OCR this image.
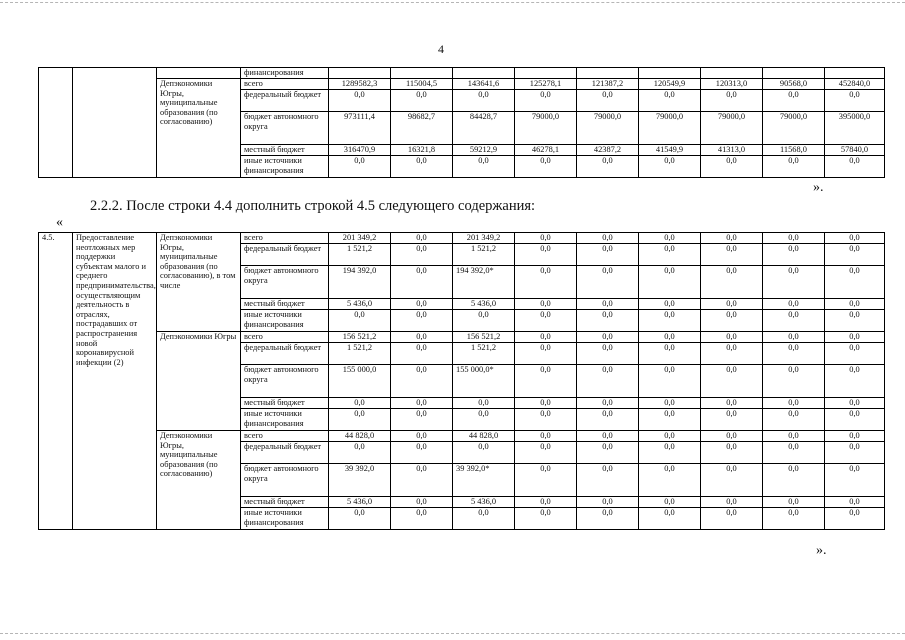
4
			финансирования									
		Депэкономики Югры, муниципальные образования (по согласованию)	всего	1289582,3	115004,5	143641,6	125278,1	121387,2	120549,9	120313,0	90568,0	452840,0
			федеральный бюджет	0,0	0,0	0,0	0,0	0,0	0,0	0,0	0,0	0,0
			бюджет автономного округа	973111,4	98682,7	84428,7	79000,0	79000,0	79000,0	79000,0	79000,0	395000,0
			местный бюджет	316470,9	16321,8	59212,9	46278,1	42387,2	41549,9	41313,0	11568,0	57840,0
			иные источники финансирования	0,0	0,0	0,0	0,0	0,0	0,0	0,0	0,0	0,0
».
2.2.2. После строки 4.4 дополнить строкой 4.5 следующего содержания:
«
4.5.	Предоставление неотложных мер поддержки субъектам малого и среднего предпринимательства, осуществляющим деятельность в отраслях, пострадавших от распространения новой коронавирусной инфекции (2)	Депэкономики Югры, муниципальные образования (по согласованию), в том числе	всего	201 349,2	0,0	201 349,2	0,0	0,0	0,0	0,0	0,0	0,0
			федеральный бюджет	1 521,2	0,0	1 521,2	0,0	0,0	0,0	0,0	0,0	0,0
			бюджет автономного округа	194 392,0	0,0	194 392,0*	0,0	0,0	0,0	0,0	0,0	0,0
			местный бюджет	5 436,0	0,0	5 436,0	0,0	0,0	0,0	0,0	0,0	0,0
			иные источники финансирования	0,0	0,0	0,0	0,0	0,0	0,0	0,0	0,0	0,0
		Депэкономики Югры	всего	156 521,2	0,0	156 521,2	0,0	0,0	0,0	0,0	0,0	0,0
			федеральный бюджет	1 521,2	0,0	1 521,2	0,0	0,0	0,0	0,0	0,0	0,0
			бюджет автономного округа	155 000,0	0,0	155 000,0*	0,0	0,0	0,0	0,0	0,0	0,0
			местный бюджет	0,0	0,0	0,0	0,0	0,0	0,0	0,0	0,0	0,0
			иные источники финансирования	0,0	0,0	0,0	0,0	0,0	0,0	0,0	0,0	0,0
		Депэкономики Югры, муниципальные образования (по согласованию)	всего	44 828,0	0,0	44 828,0	0,0	0,0	0,0	0,0	0,0	0,0
			федеральный бюджет	0,0	0,0	0,0	0,0	0,0	0,0	0,0	0,0	0,0
			бюджет автономного округа	39 392,0	0,0	39 392,0*	0,0	0,0	0,0	0,0	0,0	0,0
			местный бюджет	5 436,0	0,0	5 436,0	0,0	0,0	0,0	0,0	0,0	0,0
			иные источники финансирования	0,0	0,0	0,0	0,0	0,0	0,0	0,0	0,0	0,0
».
